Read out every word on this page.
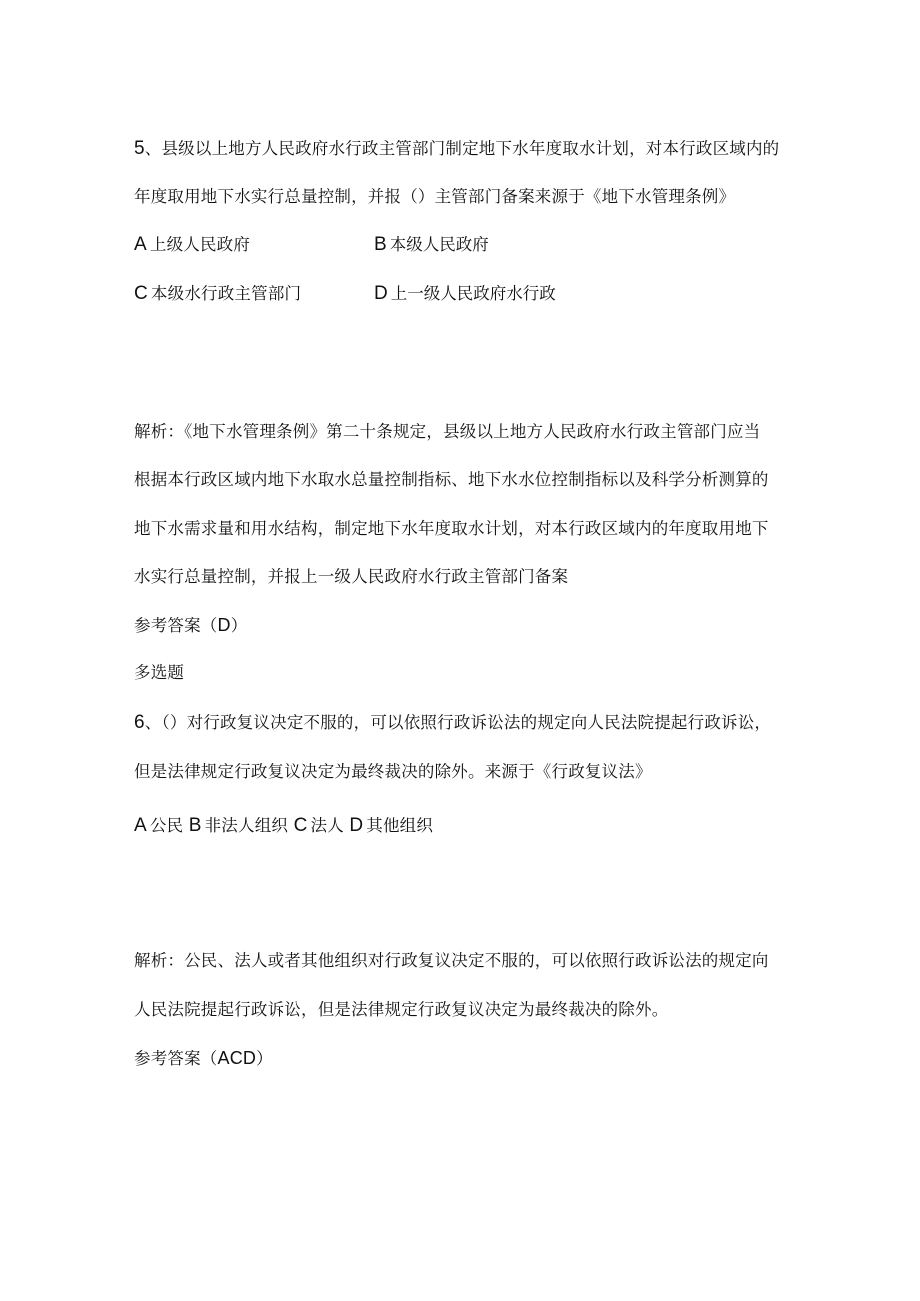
5、县级以上地方人民政府水行政主管部门制定地下水年度取水计划，对本行政区域内的
年度取用地下水实行总量控制，并报（）主管部门备案来源于《地下水管理条例》
A 上级人民政府	B 本级人民政府
C 本级水行政主管部门	D 上一级人民政府水行政
解析：《地下水管理条例》第二十条规定，县级以上地方人民政府水行政主管部门应当
根据本行政区域内地下水取水总量控制指标、地下水水位控制指标以及科学分析测算的
地下水需求量和用水结构，制定地下水年度取水计划，对本行政区域内的年度取用地下
水实行总量控制，并报上一级人民政府水行政主管部门备案
参考答案（D）
多选题
6、（）对行政复议决定不服的，可以依照行政诉讼法的规定向人民法院提起行政诉讼，
但是法律规定行政复议决定为最终裁决的除外。来源于《行政复议法》
A 公民 B 非法人组织 C 法人 D 其他组织
解析：公民、法人或者其他组织对行政复议决定不服的，可以依照行政诉讼法的规定向
人民法院提起行政诉讼，但是法律规定行政复议决定为最终裁决的除外。
参考答案（ACD）
